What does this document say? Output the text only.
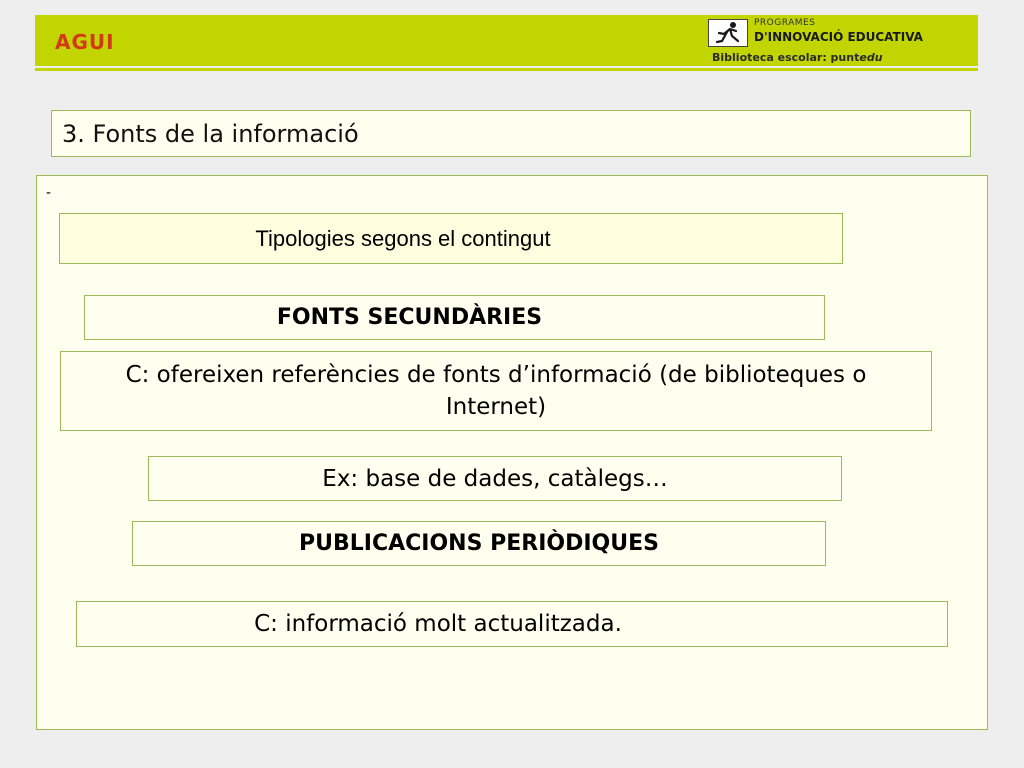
AGUI
PROGRAMES
D'INNOVACIÓ EDUCATIVA
Biblioteca escolar: puntedu
3. Fonts de la informació
-
Tipologies segons el contingut
FONTS SECUNDÀRIES
C: ofereixen referències de fonts d’informació (de biblioteques o Internet)
Ex: base de dades, catàlegs…
PUBLICACIONS PERIÒDIQUES
C: informació molt actualitzada.
